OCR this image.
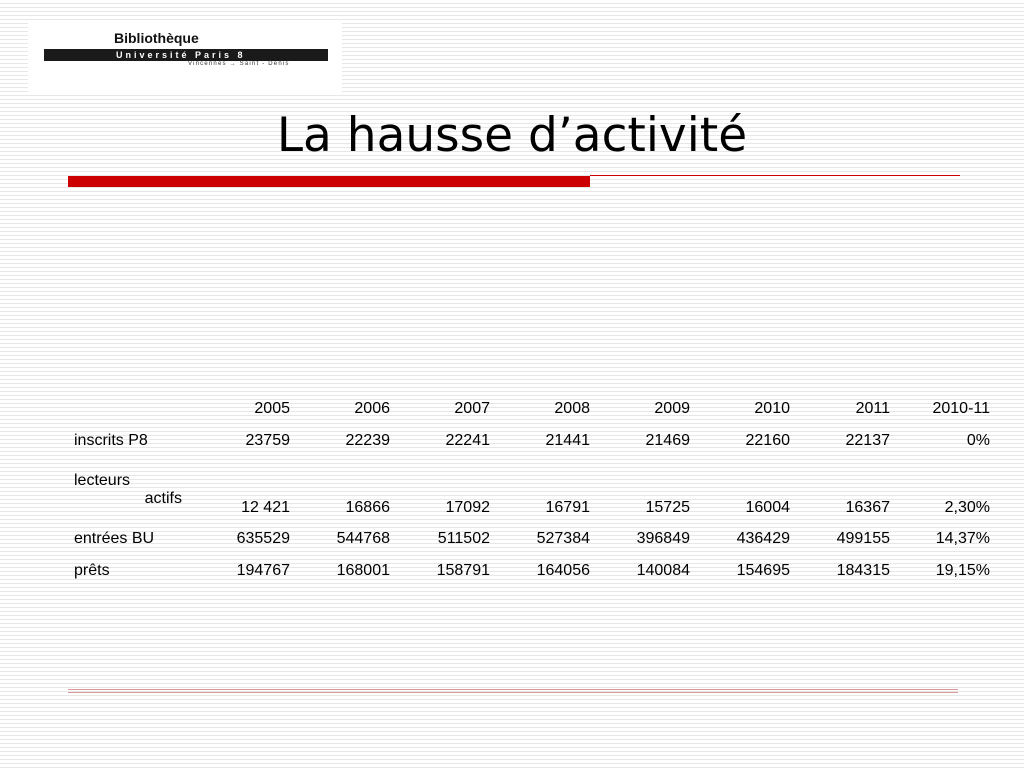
Bibliothèque
Université Paris 8
Vincennes → Saint - Denis
La hausse d’activité
	2005	2006	2007	2008	2009	2010	2011	2010-11
inscrits P8	23759	22239	22241	21441	21469	22160	22137	0%
lecteurs
actifs	12 421	16866	17092	16791	15725	16004	16367	2,30%
entrées BU	635529	544768	511502	527384	396849	436429	499155	14,37%
prêts	194767	168001	158791	164056	140084	154695	184315	19,15%
